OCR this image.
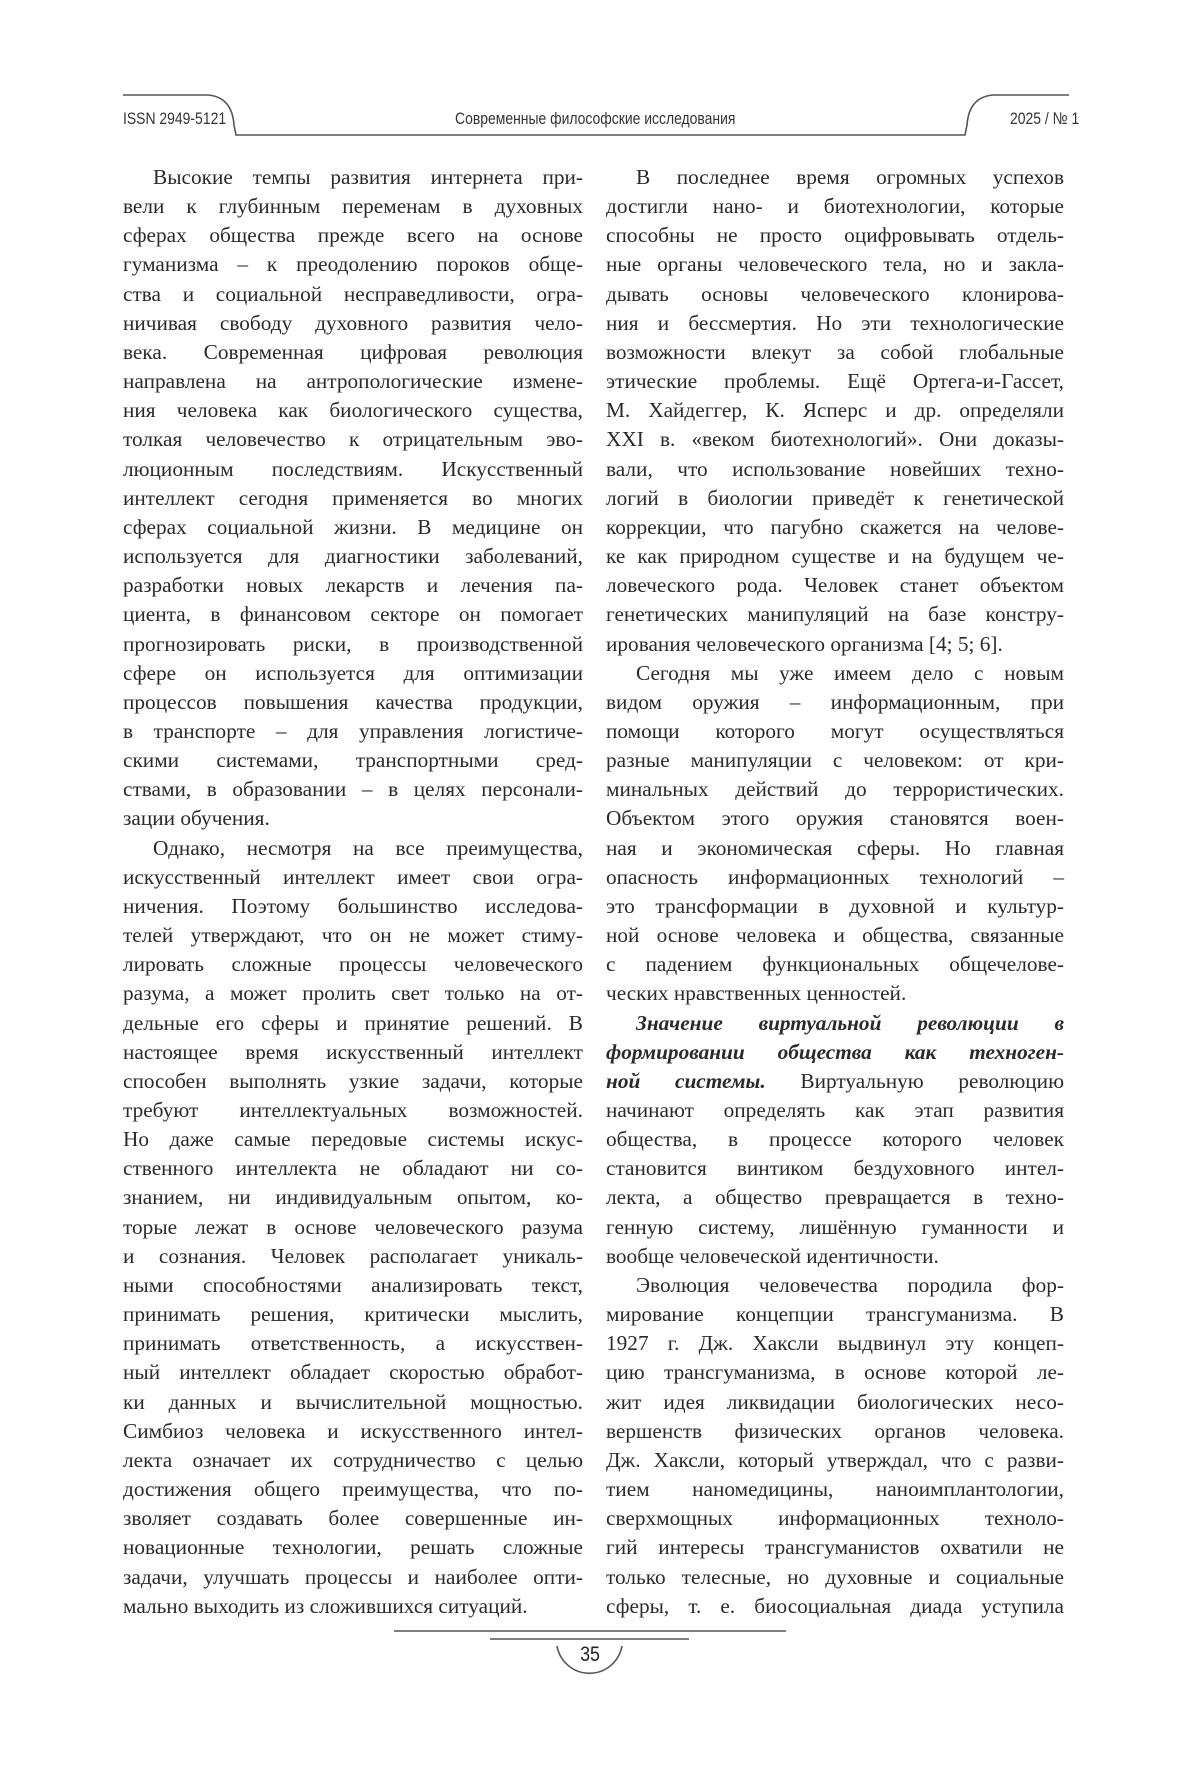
ISSN 2949-5121	Современные философские исследования	2025 / № 1
Высокие темпы развития интернета при-
вели к глубинным переменам в духовных
сферах общества прежде всего на основе
гуманизма – к преодолению пороков обще-
ства и социальной несправедливости, огра-
ничивая свободу духовного развития чело-
века. Современная цифровая революция
направлена на антропологические измене-
ния человека как биологического существа,
толкая человечество к отрицательным эво-
люционным последствиям. Искусственный
интеллект сегодня применяется во многих
сферах социальной жизни. В медицине он
используется для диагностики заболеваний,
разработки новых лекарств и лечения па-
циента, в финансовом секторе он помогает
прогнозировать риски, в производственной
сфере он используется для оптимизации
процессов повышения качества продукции,
в транспорте – для управления логистиче-
скими системами, транспортными сред-
ствами, в образовании – в целях персонали-
зации обучения.
Однако, несмотря на все преимущества,
искусственный интеллект имеет свои огра-
ничения. Поэтому большинство исследова-
телей утверждают, что он не может стиму-
лировать сложные процессы человеческого
разума, а может пролить свет только на от-
дельные его сферы и принятие решений. В
настоящее время искусственный интеллект
способен выполнять узкие задачи, которые
требуют интеллектуальных возможностей.
Но даже самые передовые системы искус-
ственного интеллекта не обладают ни со-
знанием, ни индивидуальным опытом, ко-
торые лежат в основе человеческого разума
и сознания. Человек располагает уникаль-
ными способностями анализировать текст,
принимать решения, критически мыслить,
принимать ответственность, а искусствен-
ный интеллект обладает скоростью обработ-
ки данных и вычислительной мощностью.
Симбиоз человека и искусственного интел-
лекта означает их сотрудничество с целью
достижения общего преимущества, что по-
зволяет создавать более совершенные ин-
новационные технологии, решать сложные
задачи, улучшать процессы и наиболее опти-
мально выходить из сложившихся ситуаций.
В последнее время огромных успехов
достигли нано- и биотехнологии, которые
способны не просто оцифровывать отдель-
ные органы человеческого тела, но и закла-
дывать основы человеческого клонирова-
ния и бессмертия. Но эти технологические
возможности влекут за собой глобальные
этические проблемы. Ещё Ортега-и-Гассет,
М. Хайдеггер, К. Ясперс и др. определяли
XXI в. «веком биотехнологий». Они доказы-
вали, что использование новейших техно-
логий в биологии приведёт к генетической
коррекции, что пагубно скажется на челове-
ке как природном существе и на будущем че-
ловеческого рода. Человек станет объектом
генетических манипуляций на базе констру-
ирования человеческого организма [4; 5; 6].
Сегодня мы уже имеем дело с новым
видом оружия – информационным, при
помощи которого могут осуществляться
разные манипуляции с человеком: от кри-
минальных действий до террористических.
Объектом этого оружия становятся воен-
ная и экономическая сферы. Но главная
опасность информационных технологий –
это трансформации в духовной и культур-
ной основе человека и общества, связанные
с падением функциональных общечелове-
ческих нравственных ценностей.
Значение виртуальной революции в
формировании общества как техноген-
ной системы. Виртуальную революцию
начинают определять как этап развития
общества, в процессе которого человек
становится винтиком бездуховного интел-
лекта, а общество превращается в техно-
генную систему, лишённую гуманности и
вообще человеческой идентичности.
Эволюция человечества породила фор-
мирование концепции трансгуманизма. В
1927 г. Дж. Хаксли выдвинул эту концеп-
цию трансгуманизма, в основе которой ле-
жит идея ликвидации биологических несо-
вершенств физических органов человека.
Дж. Хаксли, который утверждал, что с разви-
тием наномедицины, наноимплантологии,
сверхмощных информационных техноло-
гий интересы трансгуманистов охватили не
только телесные, но духовные и социальные
сферы, т. е. биосоциальная диада уступила
35
